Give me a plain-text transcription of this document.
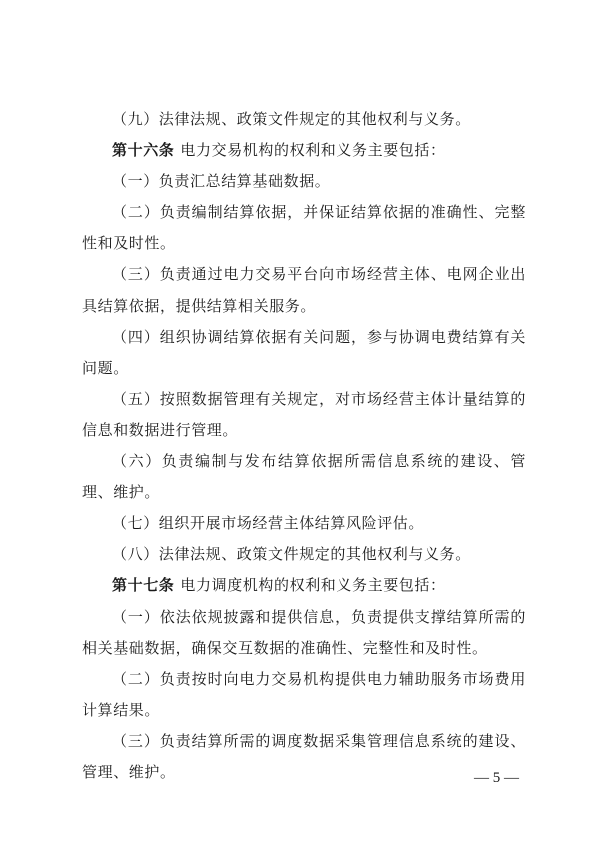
（九）法律法规、政策文件规定的其他权利与义务。

第十六条 电力交易机构的权利和义务主要包括：

（一）负责汇总结算基础数据。

（二）负责编制结算依据，并保证结算依据的准确性、完整性和及时性。

（三）负责通过电力交易平台向市场经营主体、电网企业出具结算依据，提供结算相关服务。

（四）组织协调结算依据有关问题，参与协调电费结算有关问题。

（五）按照数据管理有关规定，对市场经营主体计量结算的信息和数据进行管理。

（六）负责编制与发布结算依据所需信息系统的建设、管理、维护。

（七）组织开展市场经营主体结算风险评估。

（八）法律法规、政策文件规定的其他权利与义务。

第十七条 电力调度机构的权利和义务主要包括：

（一）依法依规披露和提供信息，负责提供支撑结算所需的相关基础数据，确保交互数据的准确性、完整性和及时性。

（二）负责按时向电力交易机构提供电力辅助服务市场费用计算结果。

（三）负责结算所需的调度数据采集管理信息系统的建设、管理、维护。	— 5 —
